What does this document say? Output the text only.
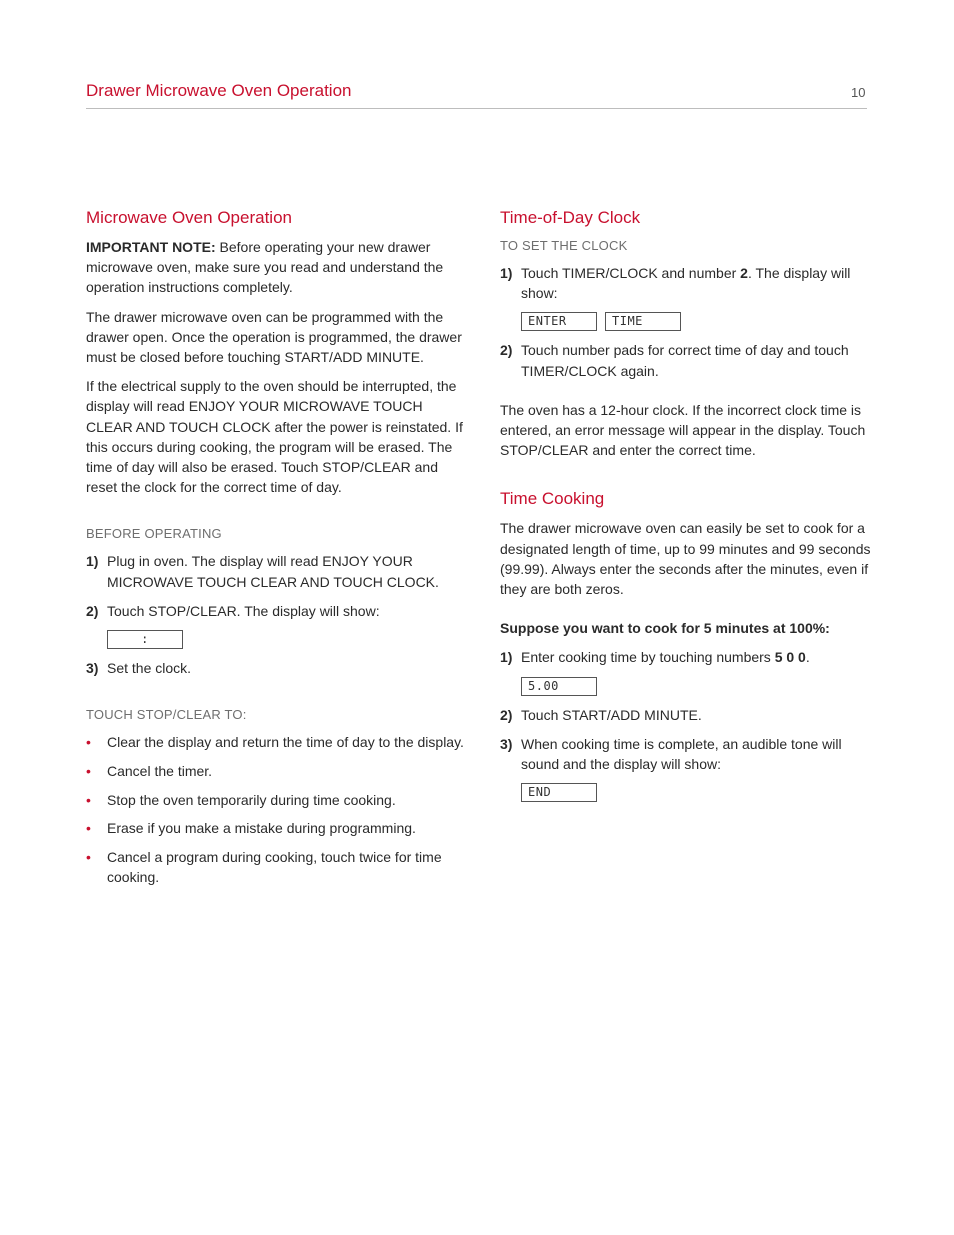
Drawer Microwave Oven Operation	10
Microwave Oven Operation

IMPORTANT NOTE: Before operating your new drawer microwave oven, make sure you read and understand the operation instructions completely.

The drawer microwave oven can be programmed with the drawer open. Once the operation is programmed, the drawer must be closed before touching START/ADD MINUTE.

If the electrical supply to the oven should be interrupted, the display will read ENJOY YOUR MICROWAVE TOUCH CLEAR AND TOUCH CLOCK after the power is reinstated. If this occurs during cooking, the program will be erased. The time of day will also be erased. Touch STOP/CLEAR and reset the clock for the correct time of day.

BEFORE OPERATING
1) Plug in oven. The display will read ENJOY YOUR MICROWAVE TOUCH CLEAR AND TOUCH CLOCK.
2) Touch STOP/CLEAR. The display will show:
:
3) Set the clock.
TOUCH STOP/CLEAR TO:
•	Clear the display and return the time of day to the display.
•	Cancel the timer.
•	Stop the oven temporarily during time cooking.
•	Erase if you make a mistake during programming.
•	Cancel a program during cooking, touch twice for time cooking.
Time-of-Day Clock
TO SET THE CLOCK
1) Touch TIMER/CLOCK and number 2. The display will show:
ENTER	TIME
2) Touch number pads for correct time of day and touch TIMER/CLOCK again.

The oven has a 12-hour clock. If the incorrect clock time is entered, an error message will appear in the display. Touch STOP/CLEAR and enter the correct time.

Time Cooking

The drawer microwave oven can easily be set to cook for a designated length of time, up to 99 minutes and 99 seconds (99.99). Always enter the seconds after the minutes, even if they are both zeros.

Suppose you want to cook for 5 minutes at 100%:

1) Enter cooking time by touching numbers 5 0 0.
5.00
2) Touch START/ADD MINUTE.
3) When cooking time is complete, an audible tone will sound and the display will show:
END
